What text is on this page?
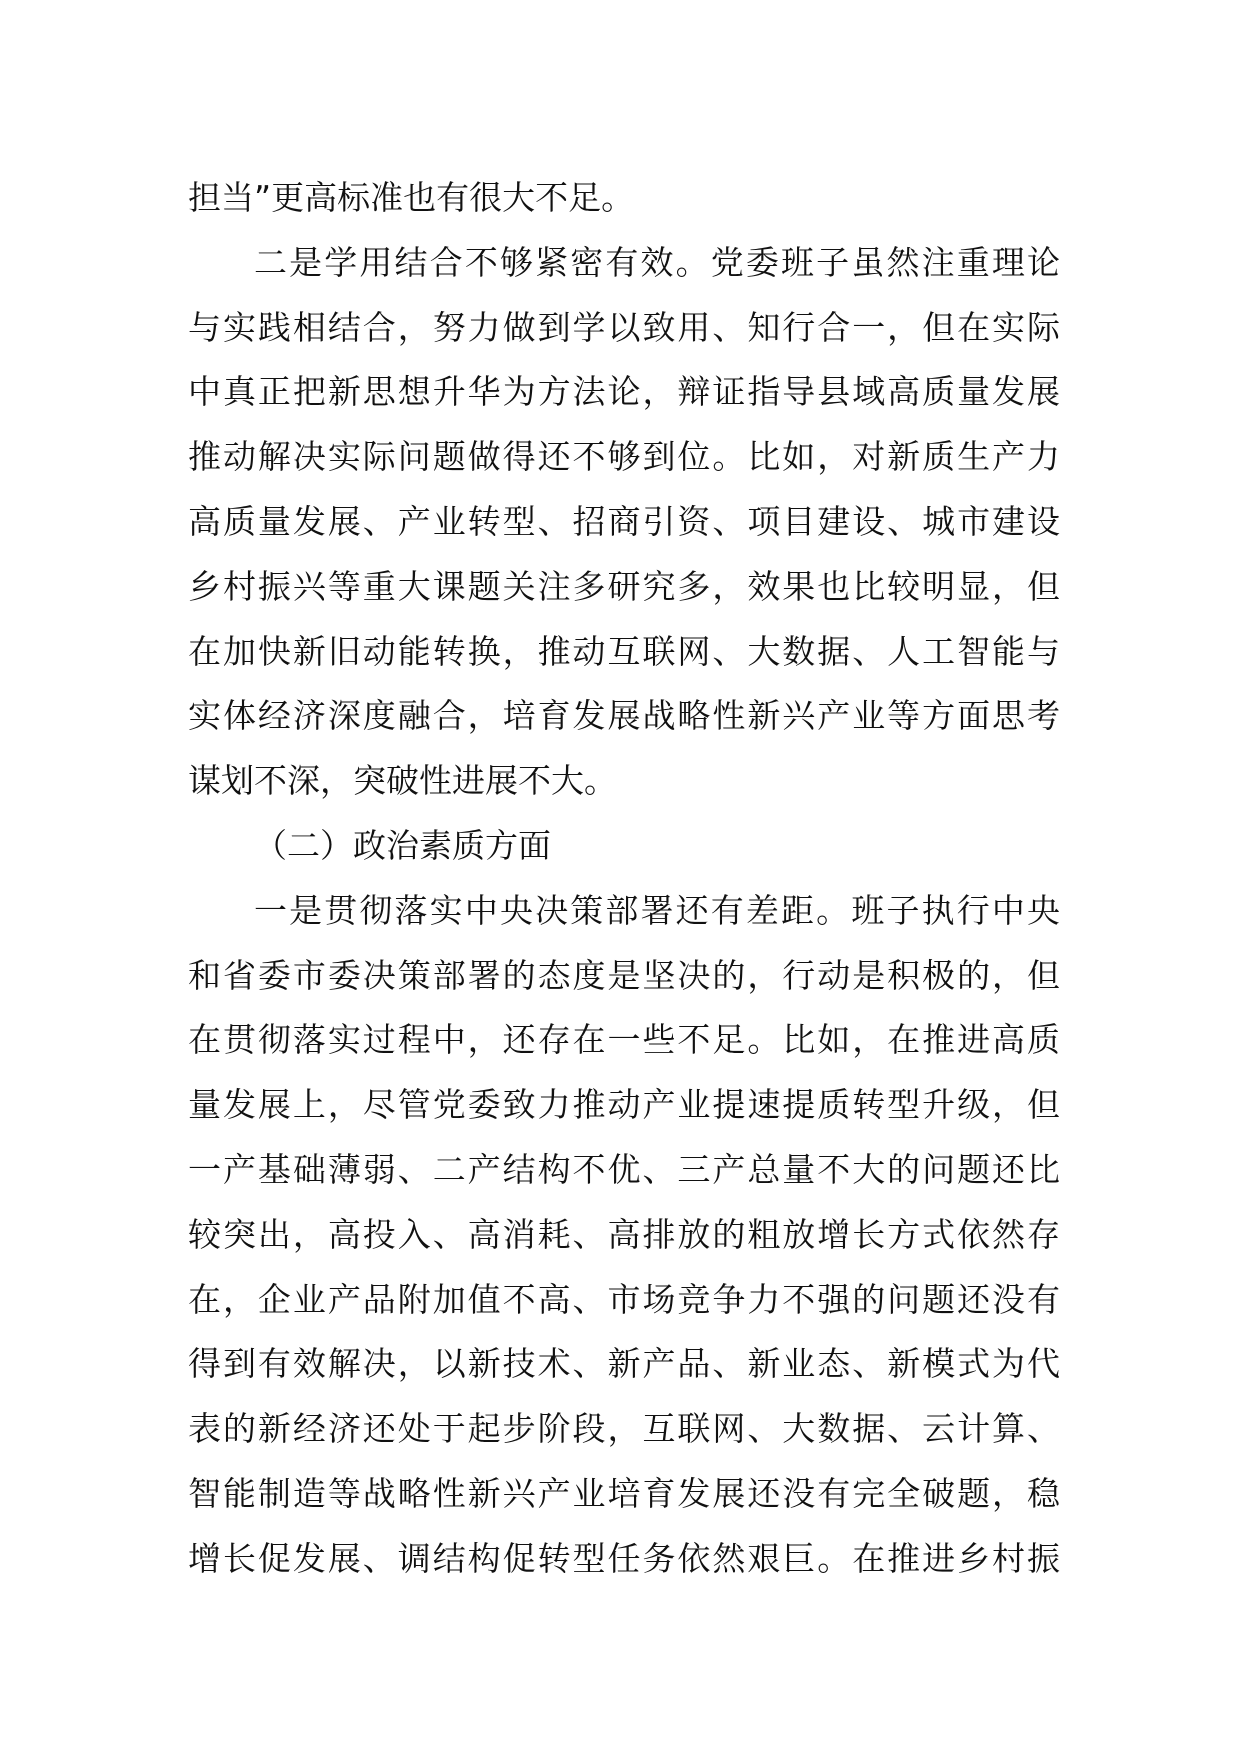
担当”更高标准也有很大不足。
二是学用结合不够紧密有效。党委班子虽然注重理论
与实践相结合，努力做到学以致用、知行合一，但在实际
中真正把新思想升华为方法论，辩证指导县域高质量发展
推动解决实际问题做得还不够到位。比如，对新质生产力
高质量发展、产业转型、招商引资、项目建设、城市建设
乡村振兴等重大课题关注多研究多，效果也比较明显，但
在加快新旧动能转换，推动互联网、大数据、人工智能与
实体经济深度融合，培育发展战略性新兴产业等方面思考
谋划不深，突破性进展不大。
（二）政治素质方面
一是贯彻落实中央决策部署还有差距。班子执行中央
和省委市委决策部署的态度是坚决的，行动是积极的，但
在贯彻落实过程中，还存在一些不足。比如，在推进高质
量发展上，尽管党委致力推动产业提速提质转型升级，但
一产基础薄弱、二产结构不优、三产总量不大的问题还比
较突出，高投入、高消耗、高排放的粗放增长方式依然存
在，企业产品附加值不高、市场竞争力不强的问题还没有
得到有效解决，以新技术、新产品、新业态、新模式为代
表的新经济还处于起步阶段，互联网、大数据、云计算、
智能制造等战略性新兴产业培育发展还没有完全破题，稳
增长促发展、调结构促转型任务依然艰巨。在推进乡村振
